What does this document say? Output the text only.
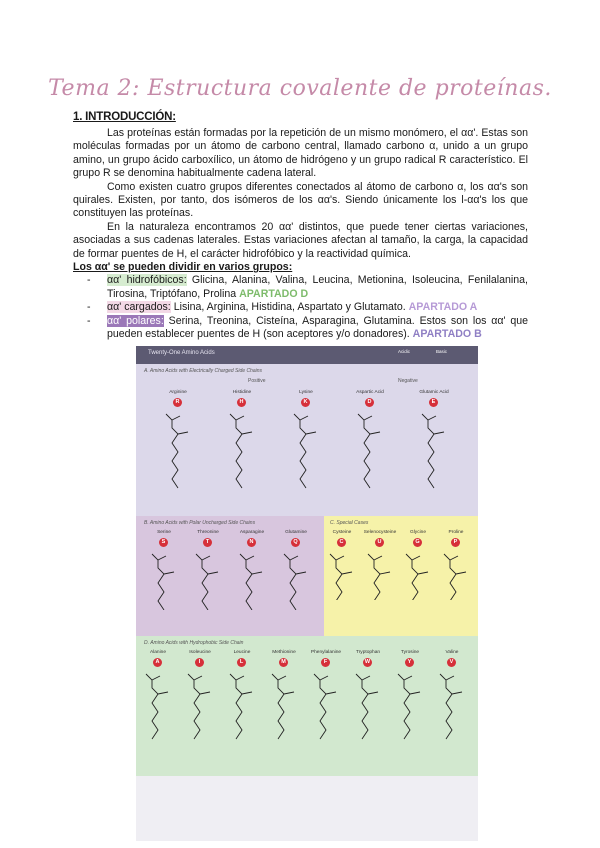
Tema 2: Estructura covalente de proteínas.
1. INTRODUCCIÓN:

Las proteínas están formadas por la repetición de un mismo monómero, el αα'. Estas son moléculas formadas por un átomo de carbono central, llamado carbono α, unido a un grupo amino, un grupo ácido carboxílico, un átomo de hidrógeno y un grupo radical R característico. El grupo R se denomina habitualmente cadena lateral.

Como existen cuatro grupos diferentes conectados al átomo de carbono α, los αα's son quirales. Existen, por tanto, dos isómeros de los αα's. Siendo únicamente los l-αα's los que constituyen las proteínas.

En la naturaleza encontramos 20 αα' distintos, que puede tener ciertas variaciones, asociadas a sus cadenas laterales. Estas variaciones afectan al tamaño, la carga, la capacidad de formar puentes de H, el carácter hidrofóbico y la reactividad química.

Los αα' se pueden dividir en varios grupos:

- αα' hidrofóbicos: Glicina, Alanina, Valina, Leucina, Metionina, Isoleucina, Fenilalanina, Tirosina, Triptófano, Prolina APARTADO D
- αα' cargados: Lisina, Arginina, Histidina, Aspartato y Glutamato. APARTADO A
- αα' polares: Serina, Treonina, Cisteína, Asparagina, Glutamina. Estos son los αα' que pueden establecer puentes de H (son aceptores y/o donadores). APARTADO B
Twenty-One Amino Acids	Acidic	Basic
A. Amino Acids with Electrically Charged Side Chains
Positive	Negative
Arginine
R
Histidine
H
Lysine
K
Aspartic Acid
D
Glutamic Acid
E
B. Amino Acids with Polar Uncharged Side Chains
Serine
S
Threonine
T
Asparagine
N
Glutamine
Q
C. Special Cases
Cysteine
C
Selenocysteine
U
Glycine
G
Proline
P
D. Amino Acids with Hydrophobic Side Chain
Alanine
A
Isoleucine
I
Leucine
L
Methionine
M
Phenylalanine
F
Tryptophan
W
Tyrosine
Y
Valine
V
